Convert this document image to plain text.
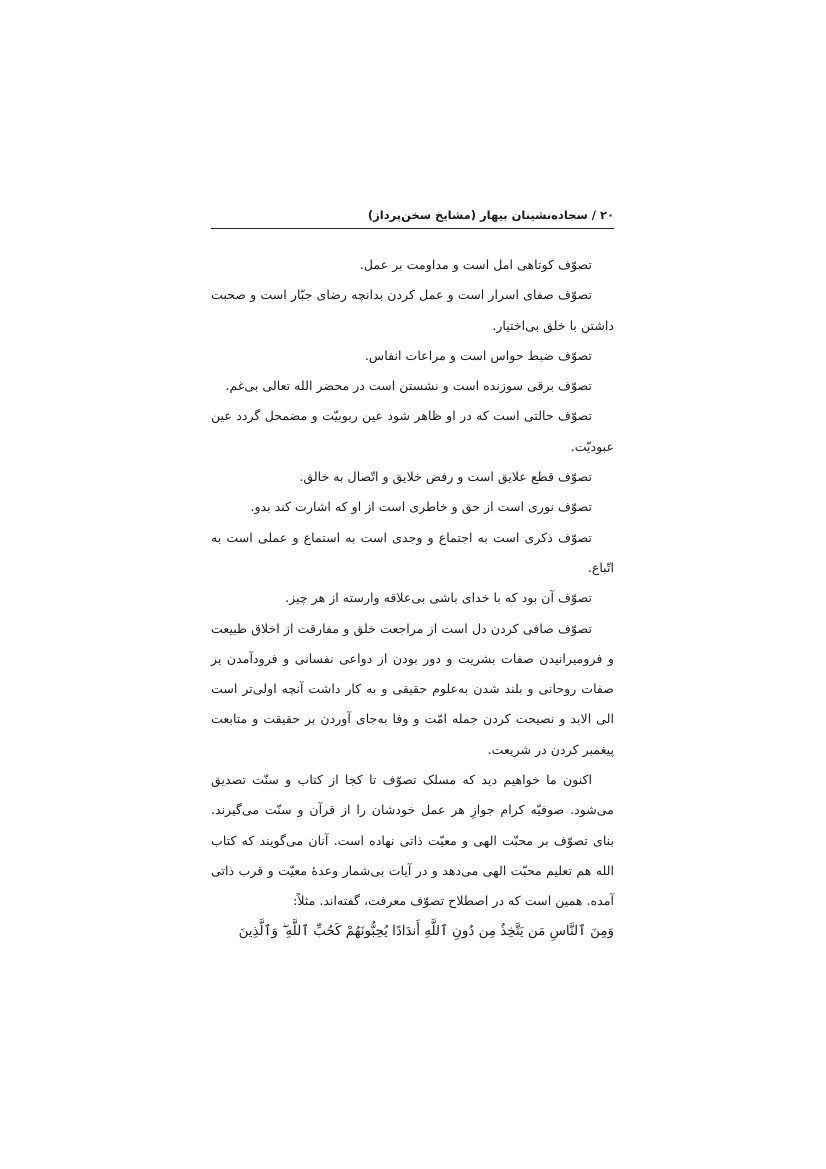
۲۰
/
سجاده‌نشینان بیهار (مشایخ سخن‌پرداز)

تصوّف کوتاهی امل است و مداومت بر عمل.

تصوّف صفای اسرار است و عمل کردن بدانچه رضای جبّار است و صحبت داشتن با خلق بی‌اختیار.

تصوّف ضبط حواس است و مراعات انفاس.

تصوّف برقی سوزنده است و نشستن است در محضر الله تعالی بی‌غم.

تصوّف حالتی است که در او ظاهر شود عین ربوبیّت و مضمحل گردد عین عبودیّت.

تصوّف قطع علایق است و رفض خلایق و اتّصال به خالق.

تصوّف نوری است از حق و خاطری است از او که اشارت کند بدو.

تصوّف ذکری است به اجتماع و وجدی است به استماع و عملی است به اتّباع.

تصوّف آن بود که با خدای باشی بی‌علاقه وارسته از هر چیز.

تصوّف صافی کردن دل است از مراجعت خلق و مفارقت از اخلاق طبیعت و فرومیرانیدن صفات بشریت و دور بودن از دواعی نفسانی و فرودآمدن بر صفات روحانی و بلند شدن به‌علوم حقیقی و به کار داشت آنچه اولی‌تر است الی الابد و نصیحت کردن جمله امّت و وفا به‌جای آوردن بر حقیقت و متابعت پیغمبر کردن در شریعت.

اکنون ما خواهیم دید که مسلک تصوّف تا کجا از کتاب و سنّت تصدیق می‌شود. صوفیّه کرام جوازِ هر عمل خودشان را از قرآن و سنّت می‌گیرند. بنای تصوّف بر محبّت الهی و معیّت ذاتی نهاده است. آنان می‌گویند که کتاب الله هم تعلیم محبّت الهی می‌دهد و در آیات بی‌شمار وعدهٔ معیّت و قرب ذاتی آمده. همین است که در اصطلاح تصوّف معرفت، گفته‌اند. مثلاً:

وَمِنَ ٱلنَّاسِ مَن يَتَّخِذُ مِن دُونِ ٱللَّهِ أَندَادًا يُحِبُّونَهُمْ كَحُبِّ ٱللَّهِ ۖ وَٱلَّذِينَ
